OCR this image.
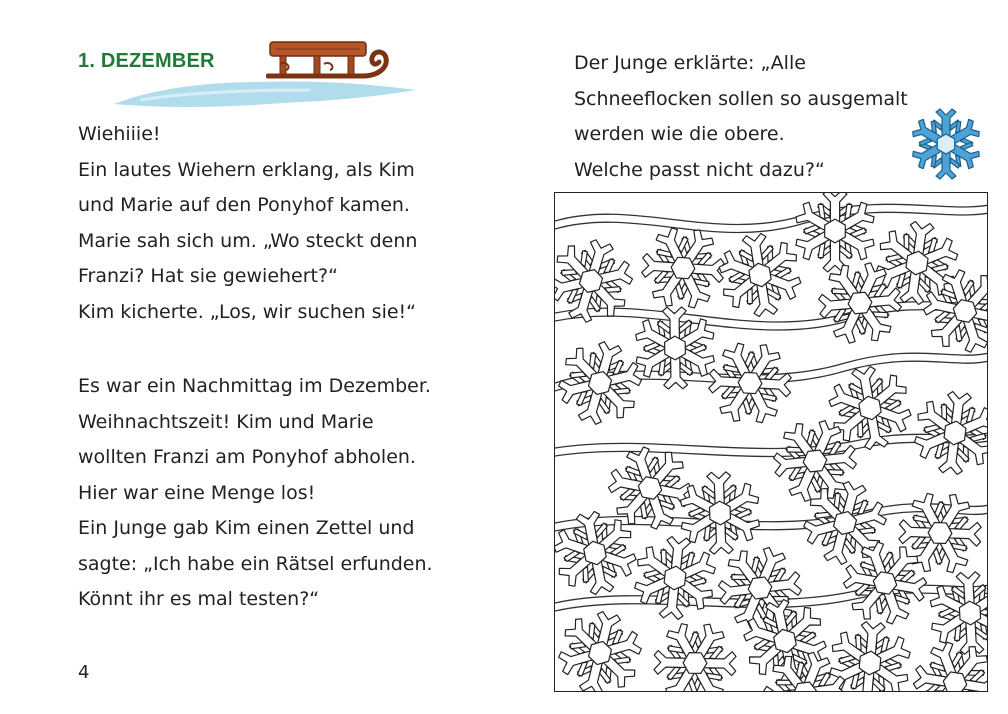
1. DEZEMBER

Wiehiiie!

Ein lautes Wiehern erklang, als Kim

und Marie auf den Ponyhof kamen.

Marie sah sich um. „Wo steckt denn

Franzi? Hat sie gewiehert?“

Kim kicherte. „Los, wir suchen sie!“

Es war ein Nachmittag im Dezember.

Weihnachtszeit! Kim und Marie

wollten Franzi am Ponyhof abholen.

Hier war eine Menge los!

Ein Junge gab Kim einen Zettel und

sagte: „Ich habe ein Rätsel erfunden.

Könnt ihr es mal testen?“

4

Der Junge erklärte: „Alle

Schneeflocken sollen so ausgemalt

werden wie die obere.

Welche passt nicht dazu?“
